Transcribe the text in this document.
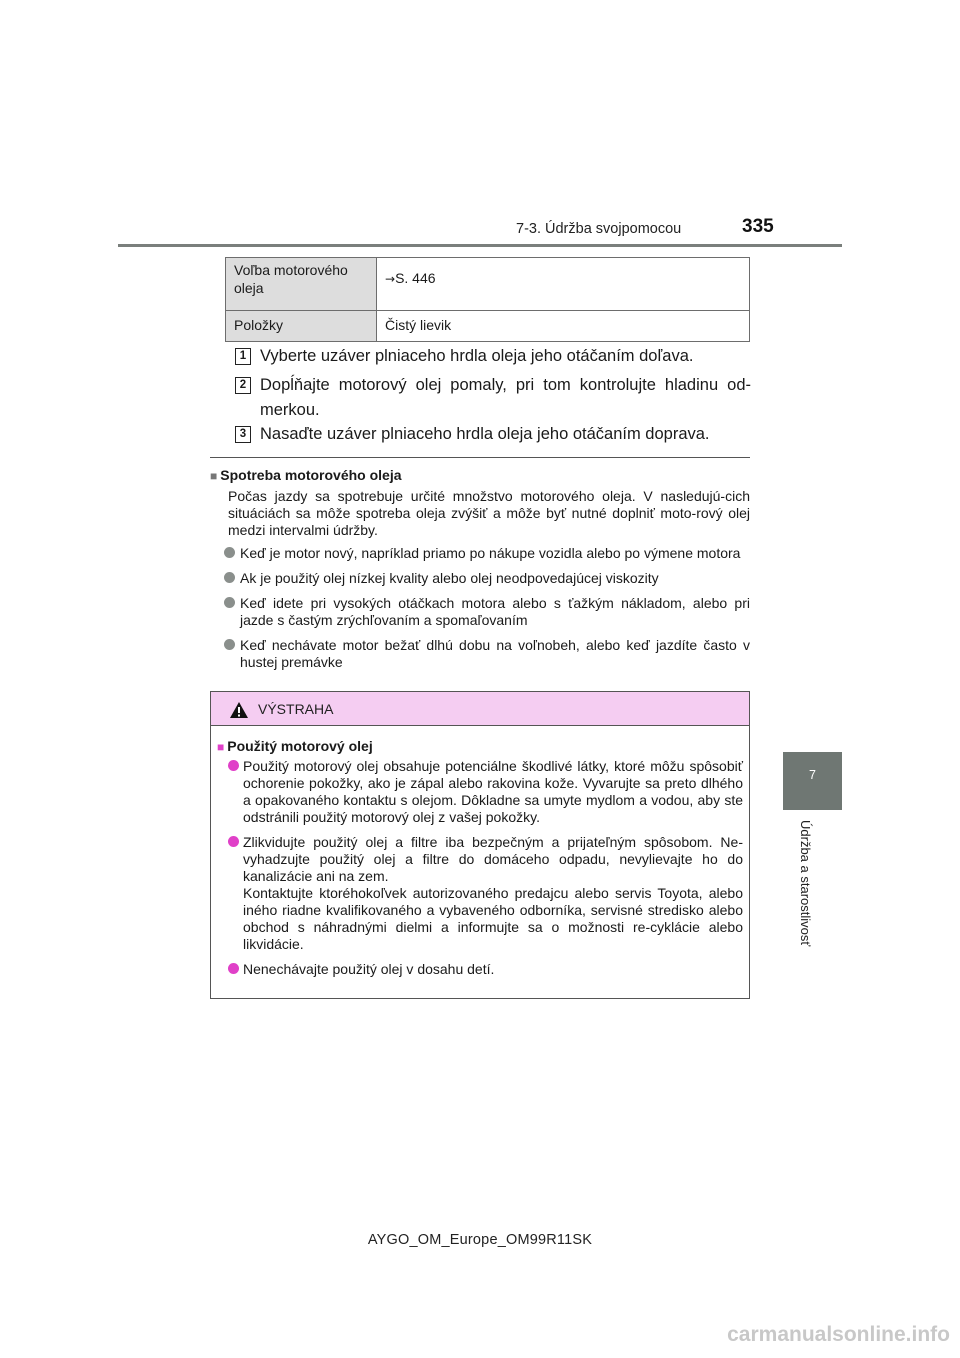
7-3. Údržba svojpomocou	335
7
Údržba a starostlivosť
Voľba motorového oleja	→S. 446
Položky	Čistý lievik
1 Vyberte uzáver plniaceho hrdla oleja jeho otáčaním doľava.
2 Dopĺňajte motorový olej pomaly, pri tom kontrolujte hladinu od-merkou.
3 Nasaďte uzáver plniaceho hrdla oleja jeho otáčaním doprava.
■ Spotreba motorového oleja
Počas jazdy sa spotrebuje určité množstvo motorového oleja. V nasledujú-cich situáciách sa môže spotreba oleja zvýšiť a môže byť nutné doplniť moto-rový olej medzi intervalmi údržby.
Keď je motor nový, napríklad priamo po nákupe vozidla alebo po výmene motora
Ak je použitý olej nízkej kvality alebo olej neodpovedajúcej viskozity
Keď idete pri vysokých otáčkach motora alebo s ťažkým nákladom, alebo pri jazde s častým zrýchľovaním a spomaľovaním
Keď nechávate motor bežať dlhú dobu na voľnobeh, alebo keď jazdíte často v hustej premávke
VÝSTRAHA
■ Použitý motorový olej
Použitý motorový olej obsahuje potenciálne škodlivé látky, ktoré môžu spôsobiť ochorenie pokožky, ako je zápal alebo rakovina kože. Vyvarujte sa preto dlhého a opakovaného kontaktu s olejom. Dôkladne sa umyte mydlom a vodou, aby ste odstránili použitý motorový olej z vašej pokožky.
Zlikvidujte použitý olej a filtre iba bezpečným a prijateľným spôsobom. Ne-vyhadzujte použitý olej a filtre do domáceho odpadu, nevylievajte ho do kanalizácie ani na zem.
Kontaktujte ktoréhokoľvek autorizovaného predajcu alebo servis Toyota, alebo iného riadne kvalifikovaného a vybaveného odborníka, servisné stredisko alebo obchod s náhradnými dielmi a informujte sa o možnosti re-cyklácie alebo likvidácie.
Nenechávajte použitý olej v dosahu detí.
AYGO_OM_Europe_OM99R11SK
carmanualsonline.info
